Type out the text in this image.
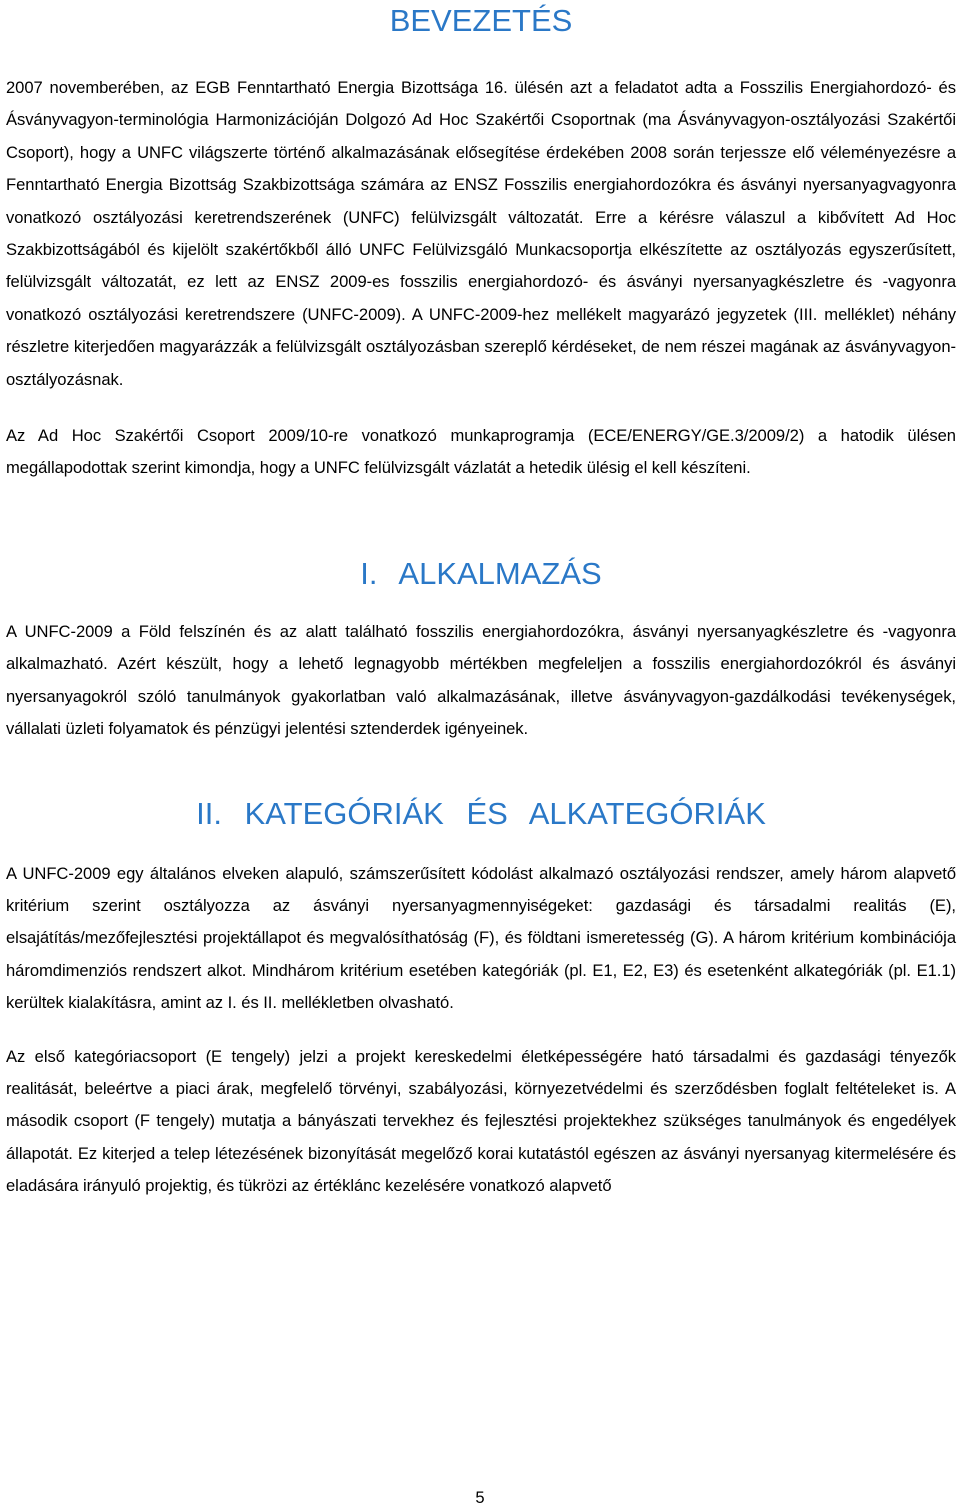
BEVEZETÉS

2007 novemberében, az EGB Fenntartható Energia Bizottsága 16. ülésén azt a feladatot adta a Fosszilis Energiahordozó- és Ásványvagyon-terminológia Harmonizációján Dolgozó Ad Hoc Szakértői Csoportnak (ma Ásványvagyon-osztályozási Szakértői Csoport), hogy a UNFC világszerte történő alkalmazásának elősegítése érdekében 2008 során terjessze elő véleményezésre a Fenntartható Energia Bizottság Szakbizottsága számára az ENSZ Fosszilis energiahordozókra és ásványi nyersanyagvagyonra vonatkozó osztályozási keretrendszerének (UNFC) felülvizsgált változatát. Erre a kérésre válaszul a kibővített Ad Hoc Szakbizottságából és kijelölt szakértőkből álló UNFC Felülvizsgáló Munkacsoportja elkészítette az osztályozás egyszerűsített, felülvizsgált változatát, ez lett az ENSZ 2009-es fosszilis energiahordozó- és ásványi nyersanyagkészletre és -vagyonra vonatkozó osztályozási keretrendszere (UNFC-2009). A UNFC-2009-hez mellékelt magyarázó jegyzetek (III. melléklet) néhány részletre kiterjedően magyarázzák a felülvizsgált osztályozásban szereplő kérdéseket, de nem részei magának az ásványvagyon-osztályozásnak.

Az Ad Hoc Szakértői Csoport 2009/10-re vonatkozó munkaprogramja (ECE/ENERGY/GE.3/2009/2) a hatodik ülésen megállapodottak szerint kimondja, hogy a UNFC felülvizsgált vázlatát a hetedik ülésig el kell készíteni.

I. ALKALMAZÁS

A UNFC-2009 a Föld felszínén és az alatt található fosszilis energiahordozókra, ásványi nyersanyagkészletre és -vagyonra alkalmazható. Azért készült, hogy a lehető legnagyobb mértékben megfeleljen a fosszilis energiahordozókról és ásványi nyersanyagokról szóló tanulmányok gyakorlatban való alkalmazásának, illetve ásványvagyon-gazdálkodási tevékenységek, vállalati üzleti folyamatok és pénzügyi jelentési sztenderdek igényeinek.

II. KATEGÓRIÁK ÉS ALKATEGÓRIÁK

A UNFC-2009 egy általános elveken alapuló, számszerűsített kódolást alkalmazó osztályozási rendszer, amely három alapvető kritérium szerint osztályozza az ásványi nyersanyagmennyiségeket: gazdasági és társadalmi realitás (E), elsajátítás/mezőfejlesztési projektállapot és megvalósíthatóság (F), és földtani ismeretesség (G). A három kritérium kombinációja háromdimenziós rendszert alkot. Mindhárom kritérium esetében kategóriák (pl. E1, E2, E3) és esetenként alkategóriák (pl. E1.1) kerültek kialakításra, amint az I. és II. mellékletben olvasható.

Az első kategóriacsoport (E tengely) jelzi a projekt kereskedelmi életképességére ható társadalmi és gazdasági tényezők realitását, beleértve a piaci árak, megfelelő törvényi, szabályozási, környezetvédelmi és szerződésben foglalt feltételeket is. A második csoport (F tengely) mutatja a bányászati tervekhez és fejlesztési projektekhez szükséges tanulmányok és engedélyek állapotát. Ez kiterjed a telep létezésének bizonyítását megelőző korai kutatástól egészen az ásványi nyersanyag kitermelésére és eladására irányuló projektig, és tükrözi az értéklánc kezelésére vonatkozó alapvető

5
